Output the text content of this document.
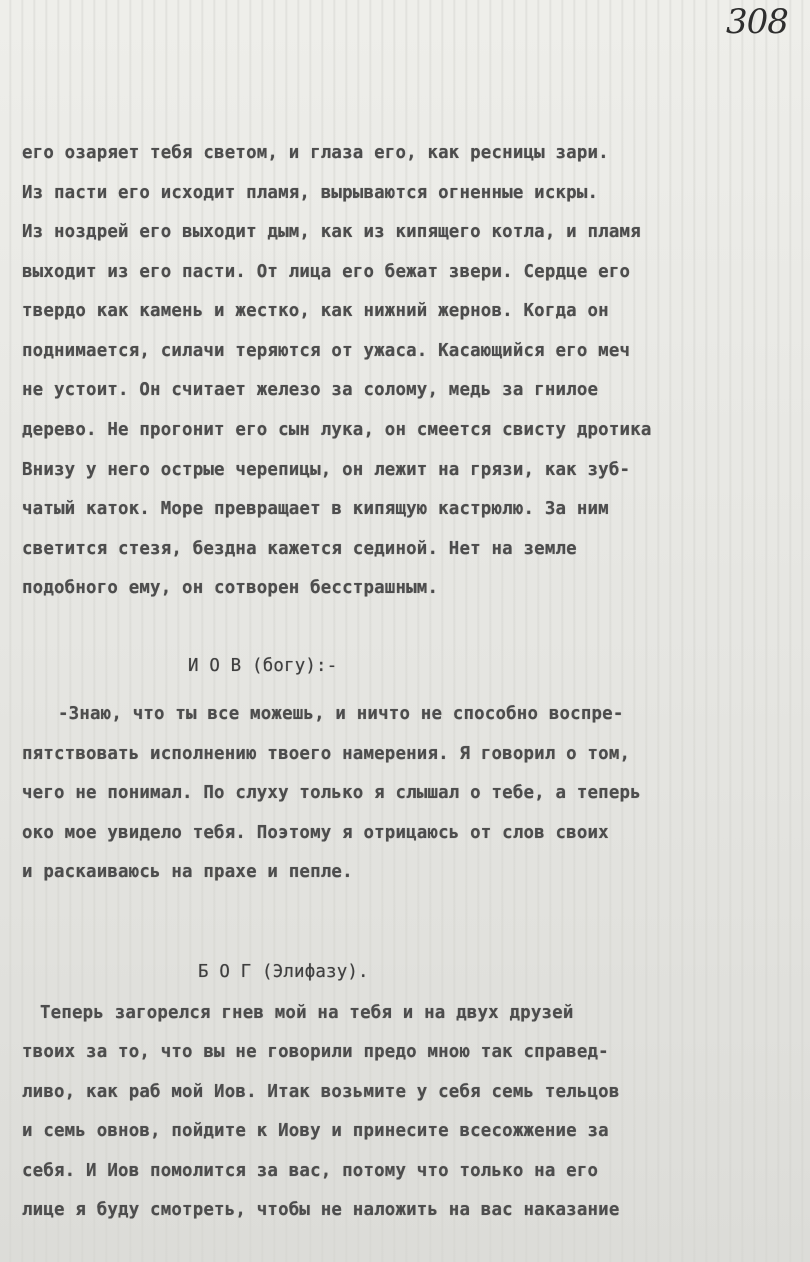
308
его озаряет тебя светом, и глаза его, как ресницы зари.
Из пасти его исходит пламя, вырываются огненные искры.
Из ноздрей его выходит дым, как из кипящего котла, и пламя
выходит из его пасти. От лица его бежат звери. Сердце его
твердо как камень и жестко, как нижний жернов. Когда он
поднимается, силачи теряются от ужаса. Касающийся его меч
не устоит. Он считает железо за солому, медь за гнилое
дерево. Не прогонит его сын лука, он смеется свисту дротика
Внизу у него острые черепицы, он лежит на грязи, как зуб-
чатый каток. Море превращает в кипящую кастрюлю. За ним
светится стезя, бездна кажется сединой. Нет на земле
подобного ему, он сотворен бесстрашным.
И О В (богу):-
-Знаю, что ты все можешь, и ничто не способно воспре-
пятствовать исполнению твоего намерения. Я говорил о том,
чего не понимал. По слуху только я слышал о тебе, а теперь
око мое увидело тебя. Поэтому я отрицаюсь от слов своих
и раскаиваюсь на прахе и пепле.
Б О Г (Элифазу).
Теперь загорелся гнев мой на тебя и на двух друзей
твоих за то, что вы не говорили предо мною так справед-
ливо, как раб мой Иов. Итак возьмите у себя семь тельцов
и семь овнов, пойдите к Иову и принесите всесожжение за
себя. И Иов помолится за вас, потому что только на его
лице я буду смотреть, чтобы не наложить на вас наказание
